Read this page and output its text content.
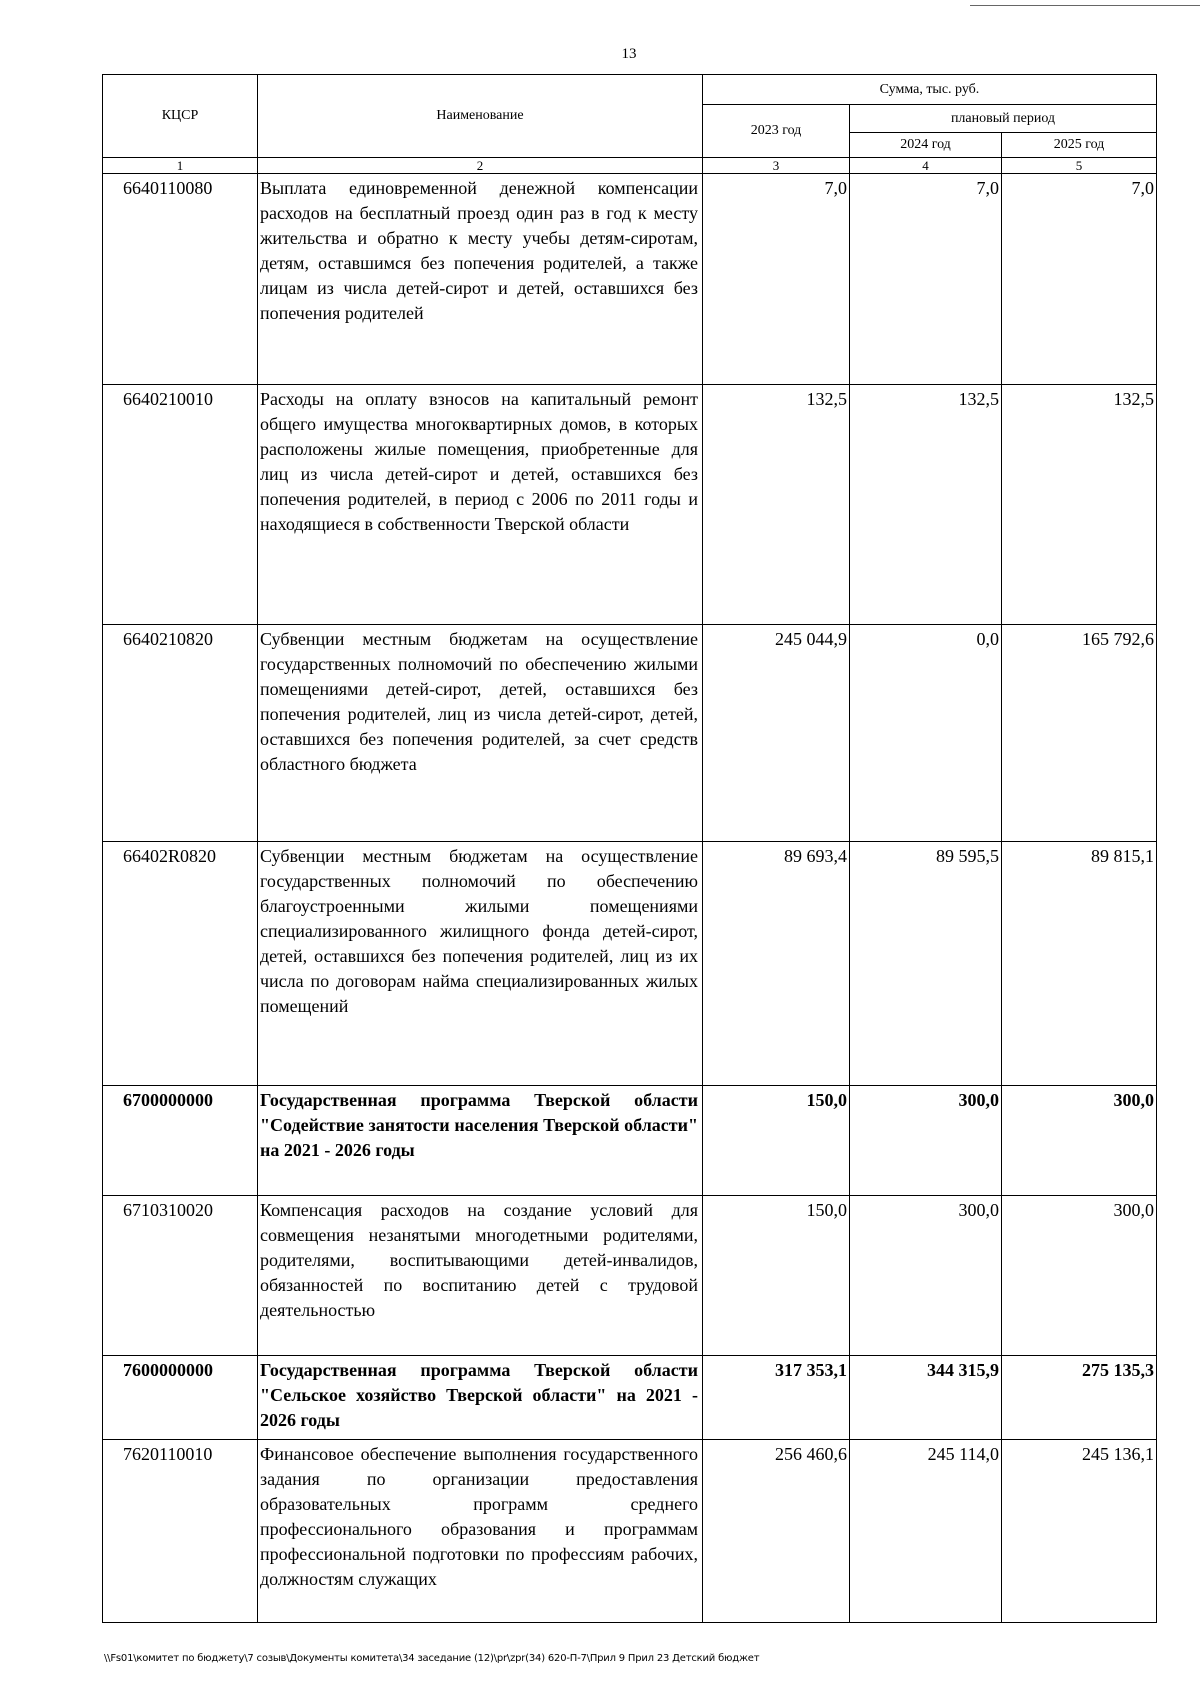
13
КЦСР	Наименование	Сумма, тыс. руб.		
		2023 год	плановый период	
			2024 год	2025 год
1	2	3	4	5
6640110080	Выплата единовременной денежной компенсации расходов на бесплатный проезд один раз в год к месту жительства и обратно к месту учебы детям-сиротам, детям, оставшимся без попечения родителей, а также лицам из числа детей-сирот и детей, оставшихся без попечения родителей	7,0	7,0	7,0
6640210010	Расходы на оплату взносов на капитальный ремонт общего имущества многоквартирных домов, в которых расположены жилые помещения, приобретенные для лиц из числа детей-сирот и детей, оставшихся без попечения родителей, в период с 2006 по 2011 годы и находящиеся в собственности Тверской области	132,5	132,5	132,5
6640210820	Субвенции местным бюджетам на осуществление государственных полномочий по обеспечению жилыми помещениями детей-сирот, детей, оставшихся без попечения родителей, лиц из числа детей-сирот, детей, оставшихся без попечения родителей, за счет средств областного бюджета	245 044,9	0,0	165 792,6
66402R0820	Субвенции местным бюджетам на осуществление государственных полномочий по обеспечению благоустроенными жилыми помещениями специализированного жилищного фонда детей-сирот, детей, оставшихся без попечения родителей, лиц из их числа по договорам найма специализированных жилых помещений	89 693,4	89 595,5	89 815,1
6700000000	Государственная программа Тверской области "Содействие занятости населения Тверской области" на 2021 - 2026 годы	150,0	300,0	300,0
6710310020	Компенсация расходов на создание условий для совмещения незанятыми многодетными родителями, родителями, воспитывающими детей-инвалидов, обязанностей по воспитанию детей с трудовой деятельностью	150,0	300,0	300,0
7600000000	Государственная программа Тверской области "Сельское хозяйство Тверской области" на 2021 - 2026 годы	317 353,1	344 315,9	275 135,3
7620110010	Финансовое обеспечение выполнения государственного задания по организации предоставления образовательных программ среднего профессионального образования и программам профессиональной подготовки по профессиям рабочих, должностям служащих	256 460,6	245 114,0	245 136,1
\\Fs01\комитет по бюджету\7 созыв\Документы комитета\34 заседание (12)\pr\zpr(34) 620-П-7\Прил 9 Прил 23 Детский бюджет
